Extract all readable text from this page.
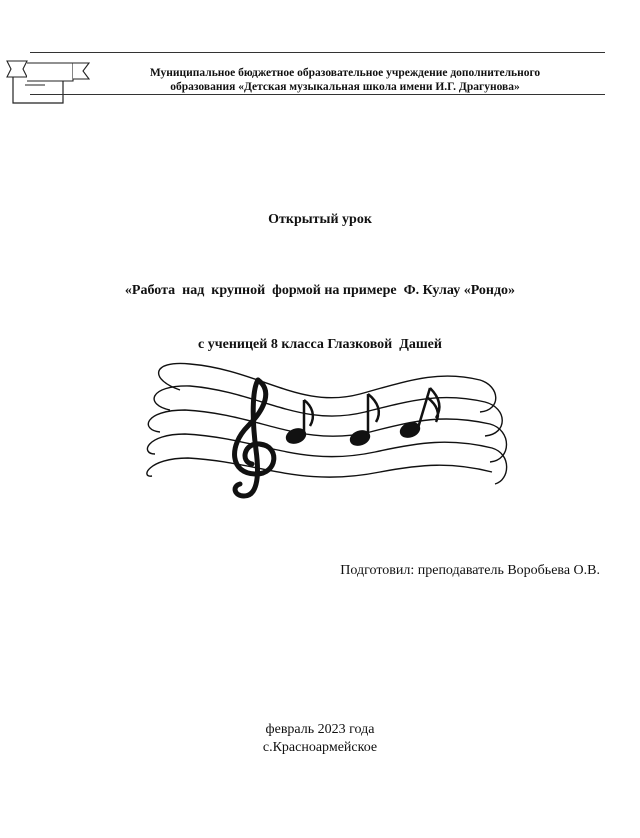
Муниципальное бюджетное образовательное учреждение дополнительного
образования «Детская музыкальная школа имени И.Г. Драгунова»
Открытый урок

«Работа  над  крупной  формой на примере  Ф. Кулау «Рондо»

с ученицей 8 класса Глазковой  Дашей

Подготовил: преподаватель Воробьева О.В.
февраль 2023 года
с.Красноармейское
